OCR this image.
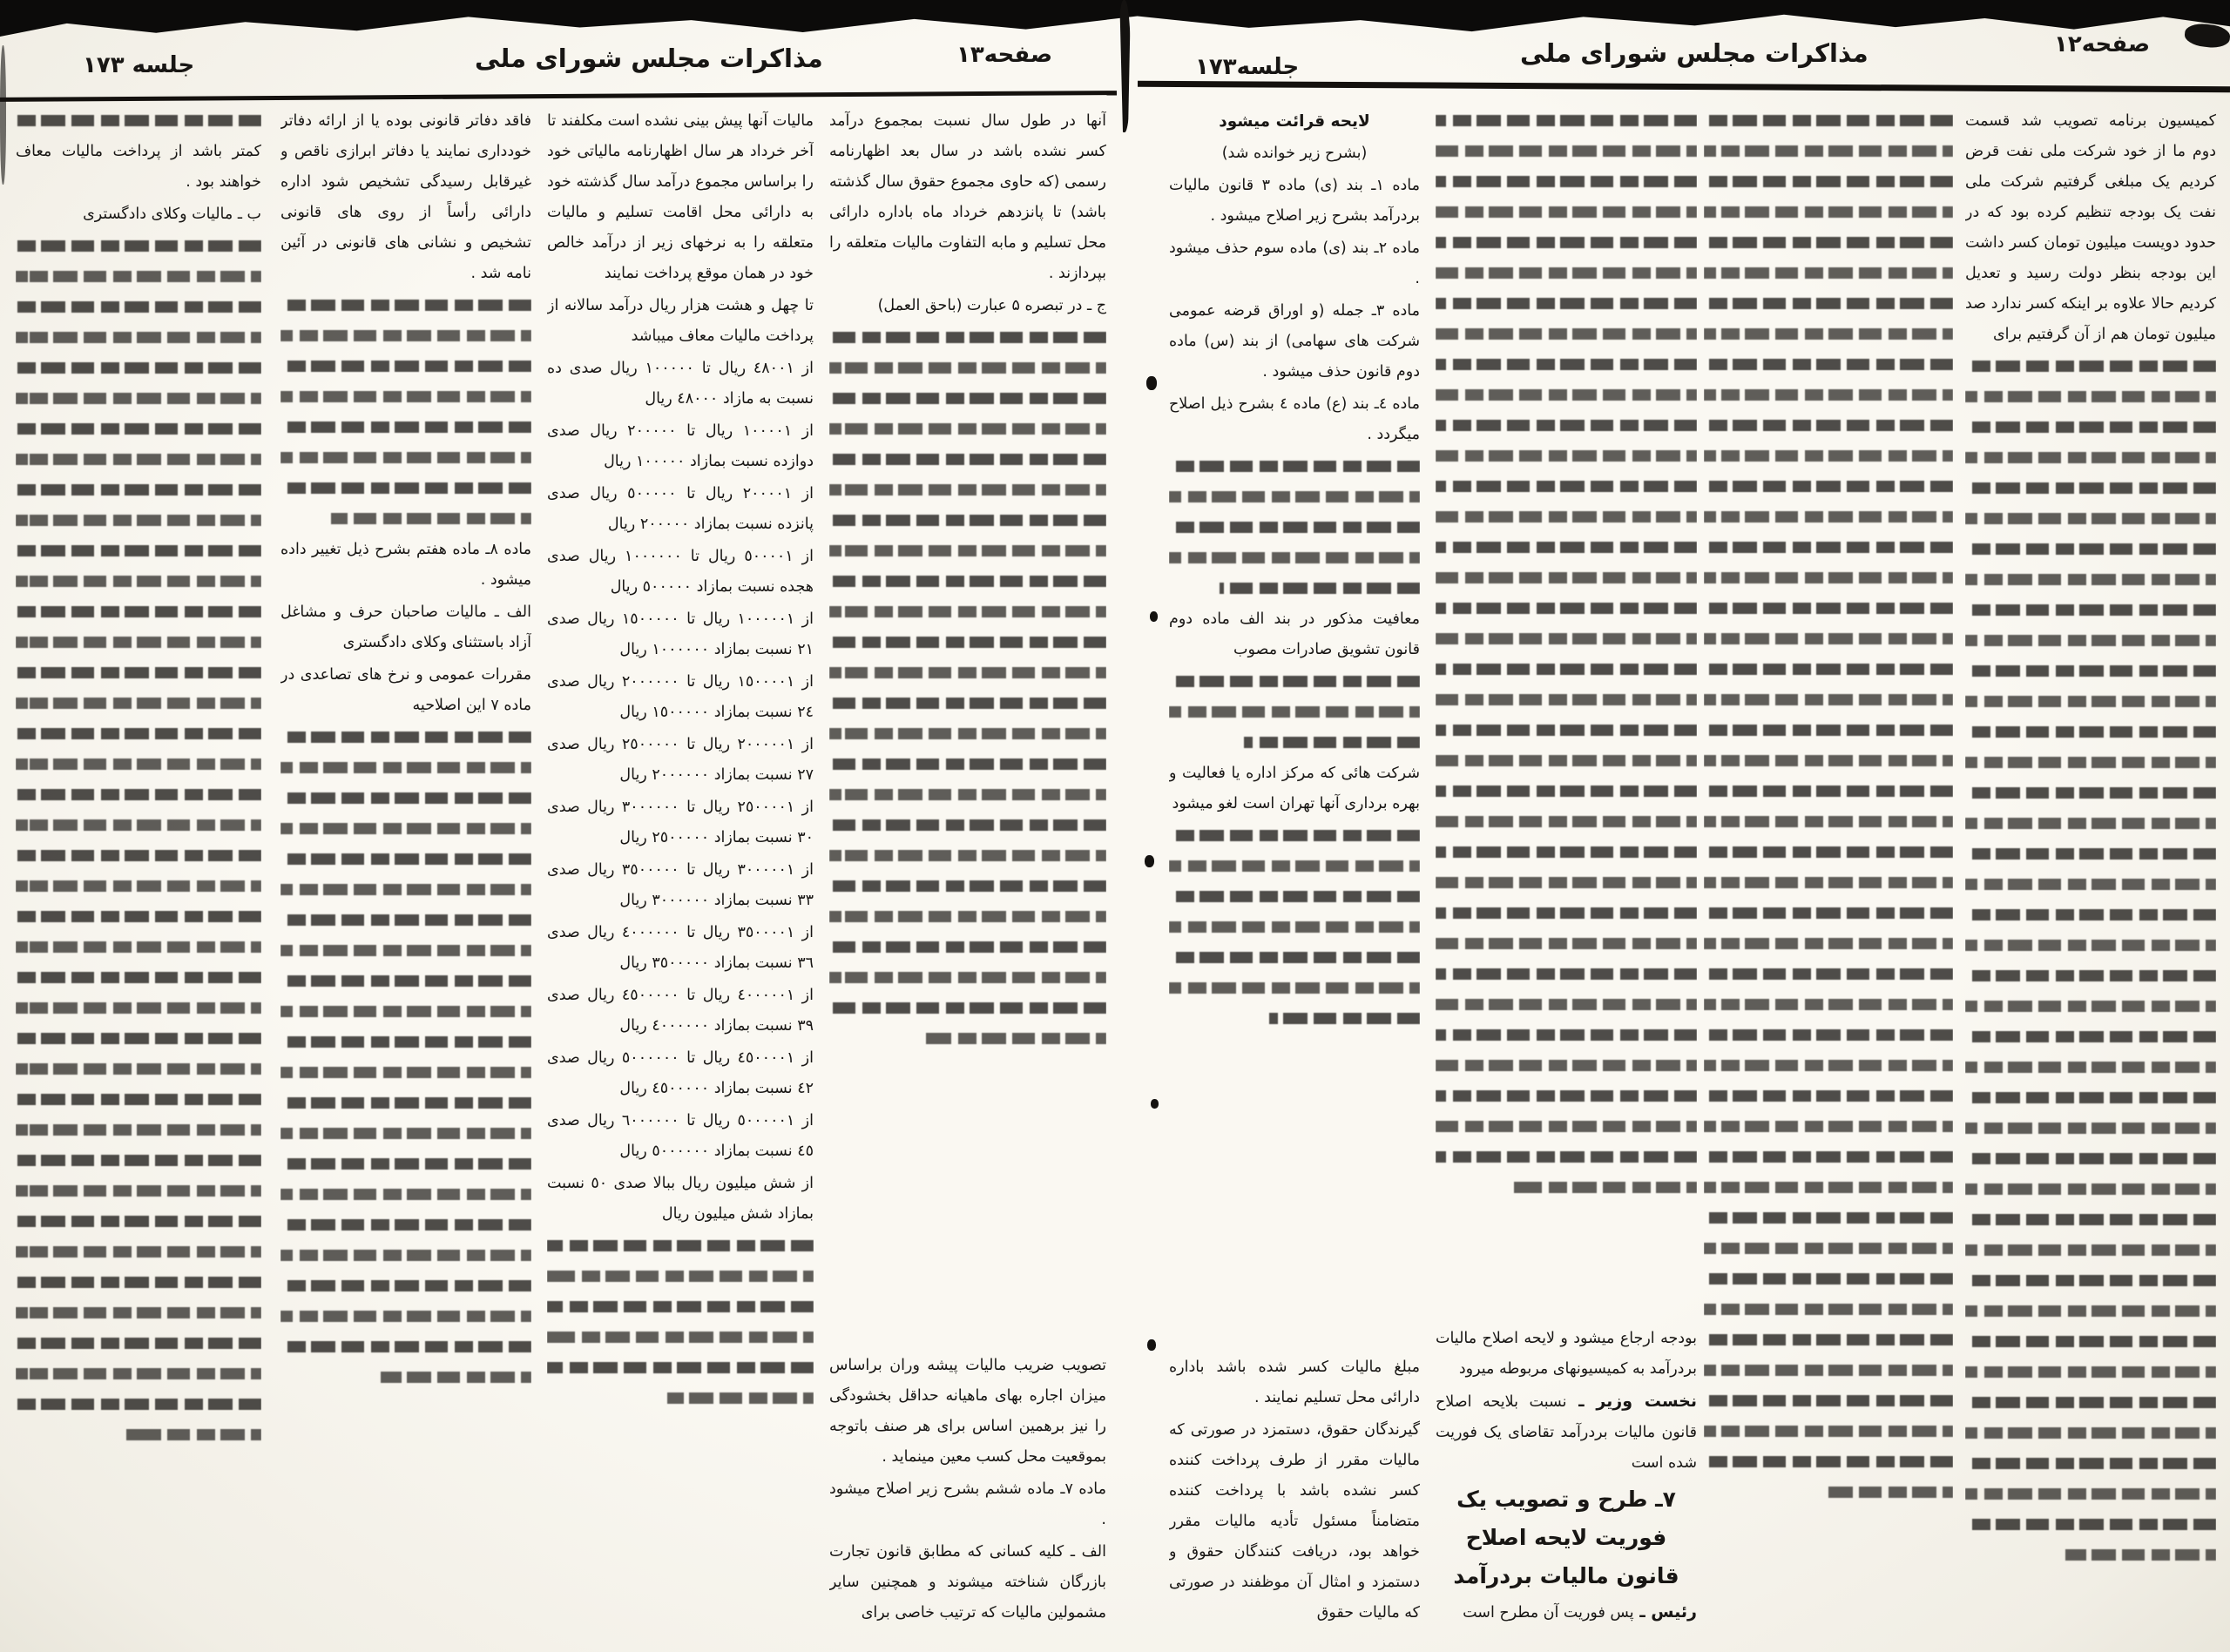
جلسه ۱۷۳	مذاکرات مجلس شورای ملی	صفحه۱۳	جلسه۱۷۳	مذاکرات مجلس شورای ملی	صفحه۱۲

آنها در طول سال نسبت بمجموع درآمد کسر نشده باشد در سال بعد اظهارنامه رسمی (که حاوی مجموع حقوق سال گذشته باشد) تا پانزدهم خرداد ماه باداره دارائی محل تسلیم و مابه التفاوت مالیات متعلقه را بپردازند .

ج ـ در تبصره ۵ عبارت (باحق العمل)

تصویب ضریب مالیات پیشه وران براساس میزان اجاره بهای ماهیانه حداقل بخشودگی را نیز برهمین اساس برای هر صنف باتوجه بموقعیت محل کسب معین مینماید .

ماده ۷ـ ماده ششم بشرح زیر اصلاح میشود .

الف ـ کلیه کسانی که مطابق قانون تجارت بازرگان شناخته میشوند و همچنین سایر مشمولین مالیات که ترتیب خاصی برای

مالیات آنها پیش بینی نشده است مکلفند تا آخر خرداد هر سال اظهارنامه مالیاتی خود را براساس مجموع درآمد سال گذشته خود به دارائی محل اقامت تسلیم و مالیات متعلقه را به نرخهای زیر از درآمد خالص خود در همان موقع پرداخت نمایند

تا چهل و هشت هزار ریال درآمد سالانه از پرداخت مالیات معاف میباشد

از ٤٨٠٠١ ریال تا ١٠٠٠٠٠ ریال صدی ده نسبت به مازاد ٤٨٠٠٠ ریال

از ١٠٠٠٠١ ریال تا ٢٠٠٠٠٠ ریال صدی دوازده نسبت بمازاد ١٠٠٠٠٠ ریال

از ٢٠٠٠٠١ ریال تا ٥٠٠٠٠٠ ریال صدی پانزده نسبت بمازاد ٢٠٠٠٠٠ ریال

از ٥٠٠٠٠١ ریال تا ١٠٠٠٠٠٠ ریال صدی هجده نسبت بمازاد ٥٠٠٠٠٠ ریال

از ١٠٠٠٠٠١ ریال تا ١٥٠٠٠٠٠ ریال صدی ٢١ نسبت بمازاد ١٠٠٠٠٠٠ ریال

از ١٥٠٠٠٠١ ریال تا ٢٠٠٠٠٠٠ ریال صدی ٢٤ نسبت بمازاد ١٥٠٠٠٠٠ ریال

از ٢٠٠٠٠٠١ ریال تا ٢٥٠٠٠٠٠ ریال صدی ٢٧ نسبت بمازاد ٢٠٠٠٠٠٠ ریال

از ٢٥٠٠٠٠١ ریال تا ٣٠٠٠٠٠٠ ریال صدی ٣٠ نسبت بمازاد ٢٥٠٠٠٠٠ ریال

از ٣٠٠٠٠٠١ ریال تا ٣٥٠٠٠٠٠ ریال صدی ٣٣ نسبت بمازاد ٣٠٠٠٠٠٠ ریال

از ٣٥٠٠٠٠١ ریال تا ٤٠٠٠٠٠٠ ریال صدی ٣٦ نسبت بمازاد ٣٥٠٠٠٠٠ ریال

از ٤٠٠٠٠٠١ ریال تا ٤٥٠٠٠٠٠ ریال صدی ٣٩ نسبت بمازاد ٤٠٠٠٠٠٠ ریال

از ٤٥٠٠٠٠١ ریال تا ٥٠٠٠٠٠٠ ریال صدی ٤٢ نسبت بمازاد ٤٥٠٠٠٠٠ ریال

از ٥٠٠٠٠٠١ ریال تا ٦٠٠٠٠٠٠ ریال صدی ٤٥ نسبت بمازاد ٥٠٠٠٠٠٠ ریال

از شش میلیون ریال ببالا صدی ٥٠ نسبت بمازاد شش میلیون ریال

فاقد دفاتر قانونی بوده یا از ارائه دفاتر خودداری نمایند یا دفاتر ابرازی ناقص و غیرقابل رسیدگی تشخیص شود اداره دارائی رأساً از روی های قانونی تشخیص و نشانی های قانونی در آئین نامه شد .

ماده ۸ـ ماده هفتم بشرح ذیل تغییر داده میشود .

الف ـ مالیات صاحبان حرف و مشاغل آزاد باستثنای وکلای دادگستری

مقررات عمومی و نرخ های تصاعدی در ماده ۷ این اصلاحیه

کمتر باشد از پرداخت مالیات معاف خواهند بود .

ب ـ مالیات وکلای دادگستری

کمیسیون برنامه تصویب شد قسمت دوم ما از خود شرکت ملی نفت قرض کردیم یک مبلغی گرفتیم شرکت ملی نفت یک بودجه تنظیم کرده بود که در حدود دویست میلیون تومان کسر داشت این بودجه بنظر دولت رسید و تعدیل کردیم حالا علاوه بر اینکه کسر ندارد صد میلیون تومان هم از آن گرفتیم برای

بودجه ارجاع میشود و لایحه اصلاح مالیات بردرآمد به کمیسیونهای مربوطه میرود

نخست وزیر ـ نسبت بلایحه اصلاح قانون مالیات بردرآمد تقاضای یک فوریت شده است

۷ـ طرح و تصویب یک فوریت لایحه اصلاح قانون مالیات بردرآمد

رئیس ـ پس فوریت آن مطرح است

لایحه قرائت میشود

(بشرح زیر خوانده شد)

ماده ۱ـ بند (ی) ماده ۳ قانون مالیات بردرآمد بشرح زیر اصلاح میشود .

ماده ۲ـ بند (ی) ماده سوم حذف میشود .

ماده ۳ـ جمله (و اوراق قرضه عمومی شرکت های سهامی) از بند (س) ماده دوم قانون حذف میشود .

ماده ٤ـ بند (ع) ماده ٤ بشرح ذیل اصلاح میگردد .

معافیت مذکور در بند الف ماده دوم قانون تشویق صادرات مصوب

شرکت هائی که مرکز اداره یا فعالیت و بهره برداری آنها تهران است لغو میشود

مبلغ مالیات کسر شده باشد باداره دارائی محل تسلیم نمایند .

گیرندگان حقوق، دستمزد در صورتی که مالیات مقرر از طرف پرداخت کننده کسر نشده باشد با پرداخت کننده متضامناً مسئول تأدیه مالیات مقرر خواهد بود، دریافت کنندگان حقوق و دستمزد و امثال آن موظفند در صورتی که مالیات حقوق
